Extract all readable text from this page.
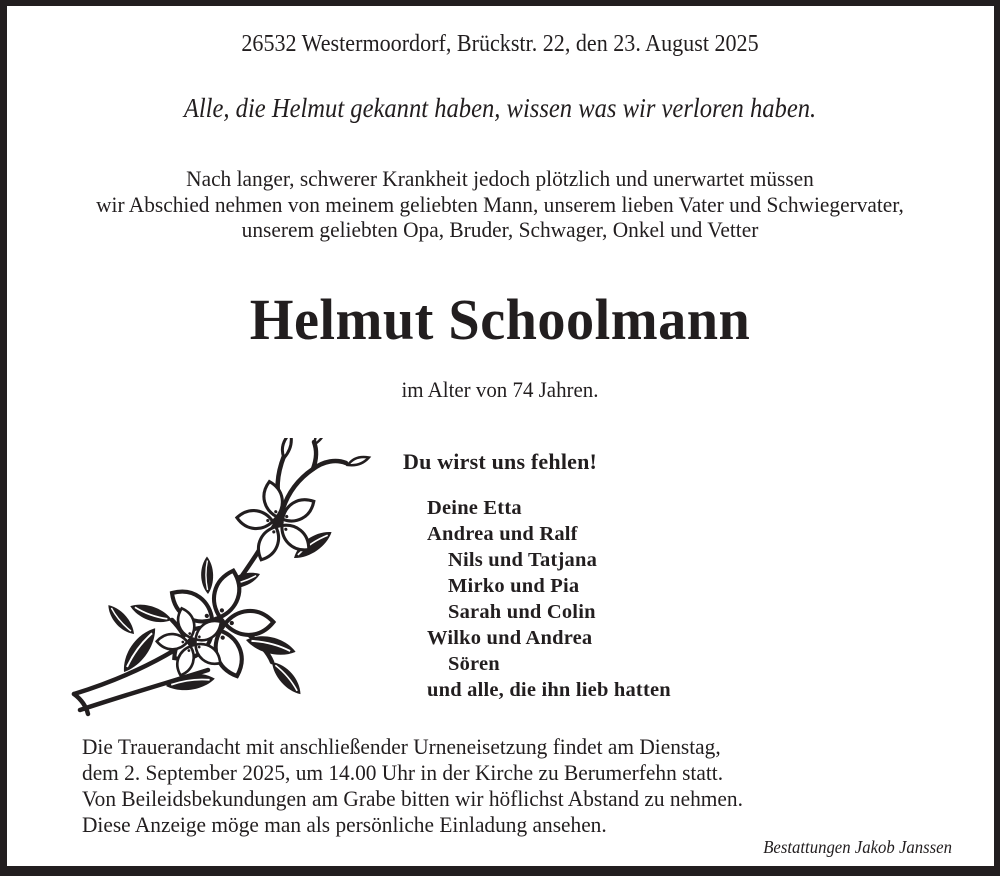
26532 Westermoordorf, Brückstr. 22, den 23. August 2025
Alle, die Helmut gekannt haben, wissen was wir verloren haben.
Nach langer, schwerer Krankheit jedoch plötzlich und unerwartet müssen
wir Abschied nehmen von meinem geliebten Mann, unserem lieben Vater und Schwiegervater,
unserem geliebten Opa, Bruder, Schwager, Onkel und Vetter
Helmut Schoolmann
im Alter von 74 Jahren.
Du wirst uns fehlen!
Deine Etta
Andrea und Ralf
Nils und Tatjana
Mirko und Pia
Sarah und Colin
Wilko und Andrea
Sören
und alle, die ihn lieb hatten
Die Trauerandacht mit anschließender Urneneisetzung findet am Dienstag,
dem 2. September 2025, um 14.00 Uhr in der Kirche zu Berumerfehn statt.
Von Beileidsbekundungen am Grabe bitten wir höflichst Abstand zu nehmen.
Diese Anzeige möge man als persönliche Einladung ansehen.
Bestattungen Jakob Janssen
